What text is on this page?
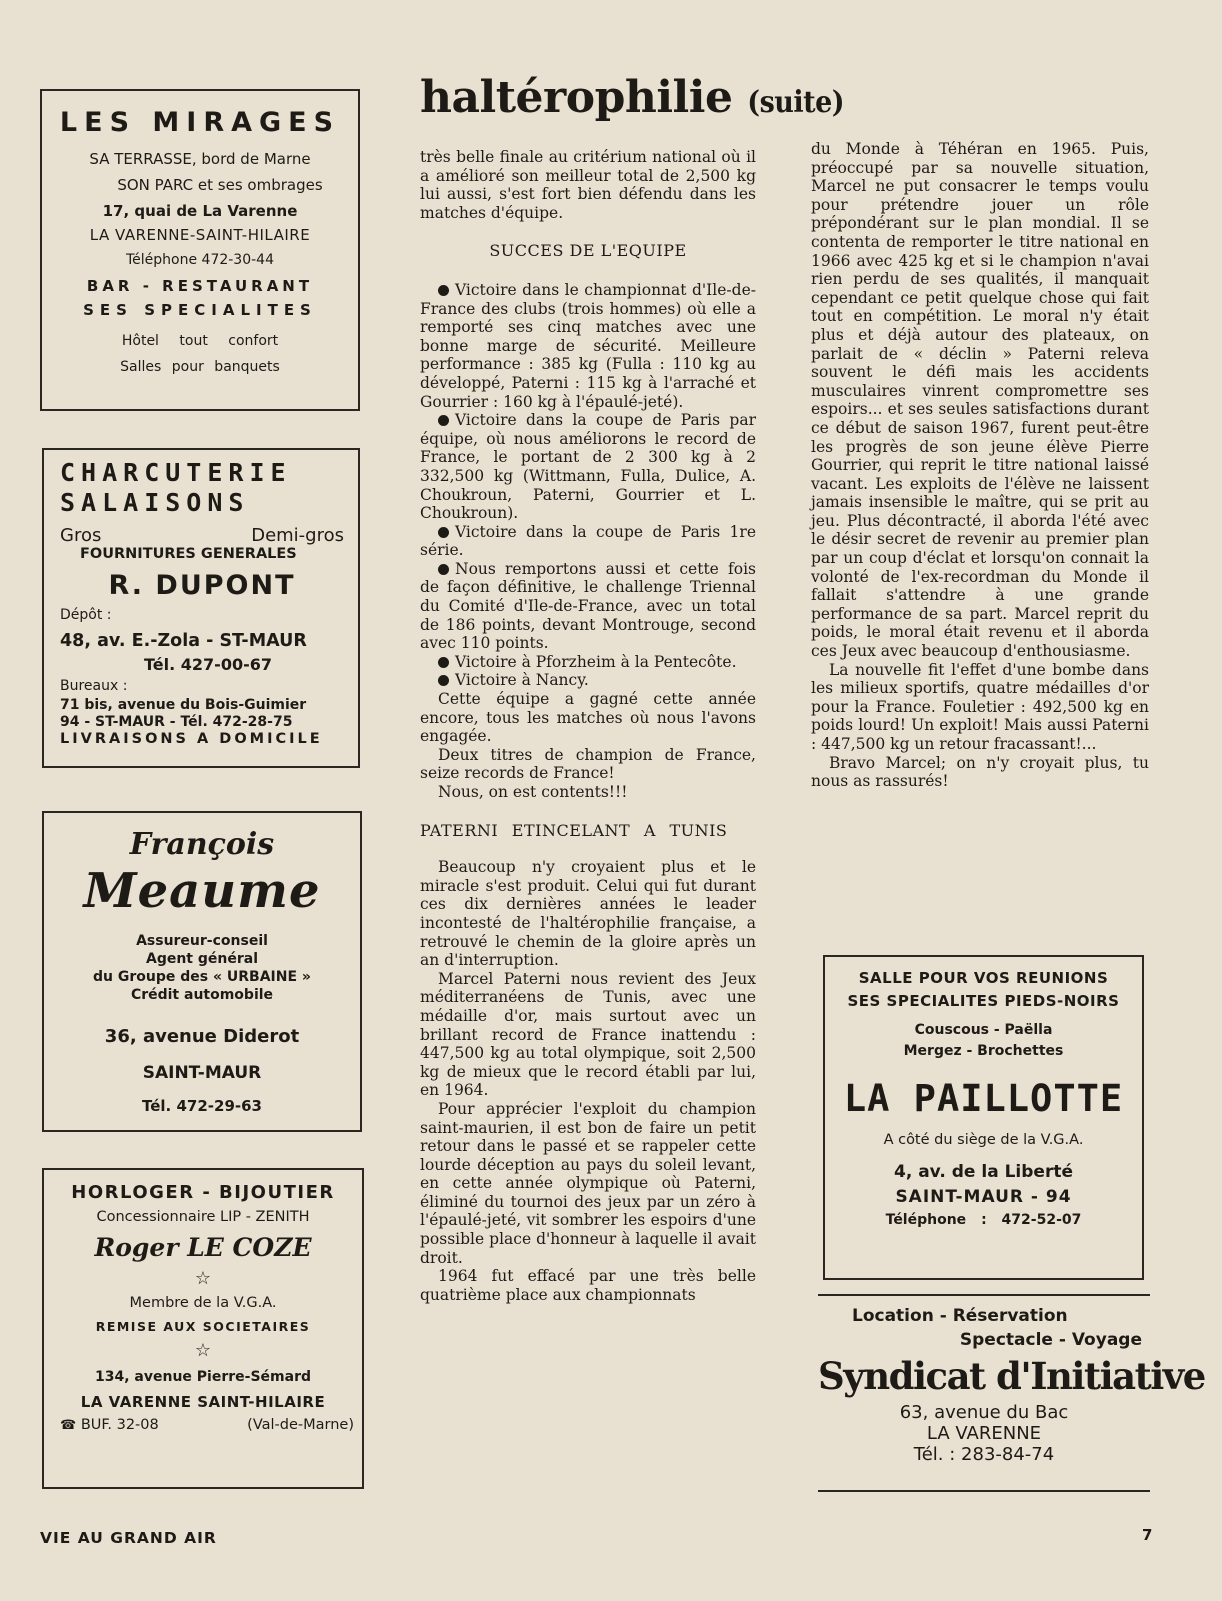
LES MIRAGES
SA TERRASSE, bord de Marne
SON PARC et ses ombrages
17, quai de La Varenne
LA VARENNE-SAINT-HILAIRE
Téléphone 472-30-44
BAR - RESTAURANT
SES SPECIALITES
Hôtel tout confort
Salles pour banquets
CHARCUTERIE
SALAISONS
Gros	Demi-gros
FOURNITURES GENERALES
R. DUPONT
Dépôt :
48, av. E.-Zola - ST-MAUR
Tél. 427-00-67
Bureaux :
71 bis, avenue du Bois-Guimier
94 - ST-MAUR - Tél. 472-28-75
LIVRAISONS A DOMICILE
François
Meaume
Assureur-conseil
Agent général
du Groupe des « URBAINE »
Crédit automobile
36, avenue Diderot
SAINT-MAUR
Tél. 472-29-63
HORLOGER - BIJOUTIER
Concessionnaire LIP - ZENITH
Roger LE COZE
☆
Membre de la V.G.A.
REMISE AUX SOCIETAIRES
☆
134, avenue Pierre-Sémard
LA VARENNE SAINT-HILAIRE
☎ BUF. 32-08	(Val-de-Marne)
haltérophilie (suite)

très belle finale au critérium national où il a amélioré son meilleur total de 2,500 kg lui aussi, s'est fort bien défendu dans les matches d'équipe.

SUCCES DE L'EQUIPE

Victoire dans le championnat d'Ile-de-France des clubs (trois hommes) où elle a remporté ses cinq matches avec une bonne marge de sécurité. Meilleure performance : 385 kg (Fulla : 110 kg au développé, Paterni : 115 kg à l'arraché et Gourrier : 160 kg à l'épaulé-jeté).

Victoire dans la coupe de Paris par équipe, où nous améliorons le record de France, le portant de 2 300 kg à 2 332,500 kg (Wittmann, Fulla, Dulice, A. Choukroun, Paterni, Gourrier et L. Choukroun).

Victoire dans la coupe de Paris 1re série.

Nous remportons aussi et cette fois de façon définitive, le challenge Triennal du Comité d'Ile-de-France, avec un total de 186 points, devant Montrouge, second avec 110 points.

Victoire à Pforzheim à la Pentecôte.

Victoire à Nancy.

Cette équipe a gagné cette année encore, tous les matches où nous l'avons engagée.

Deux titres de champion de France, seize records de France!

Nous, on est contents!!!

PATERNI ETINCELANT A TUNIS

Beaucoup n'y croyaient plus et le miracle s'est produit. Celui qui fut durant ces dix dernières années le leader incontesté de l'haltérophilie française, a retrouvé le chemin de la gloire après un an d'interruption.

Marcel Paterni nous revient des Jeux méditerranéens de Tunis, avec une médaille d'or, mais surtout avec un brillant record de France inattendu : 447,500 kg au total olympique, soit 2,500 kg de mieux que le record établi par lui, en 1964.

Pour apprécier l'exploit du champion saint-maurien, il est bon de faire un petit retour dans le passé et se rappeler cette lourde déception au pays du soleil levant, en cette année olympique où Paterni, éliminé du tournoi des jeux par un zéro à l'épaulé-jeté, vit sombrer les espoirs d'une possible place d'honneur à laquelle il avait droit.

1964 fut effacé par une très belle quatrième place aux championnats

du Monde à Téhéran en 1965. Puis, préoccupé par sa nouvelle situation, Marcel ne put consacrer le temps voulu pour prétendre jouer un rôle prépondérant sur le plan mondial. Il se contenta de remporter le titre national en 1966 avec 425 kg et si le champion n'avai rien perdu de ses qualités, il manquait cependant ce petit quelque chose qui fait tout en compétition. Le moral n'y était plus et déjà autour des plateaux, on parlait de « déclin » Paterni releva souvent le défi mais les accidents musculaires vinrent compromettre ses espoirs... et ses seules satisfactions durant ce début de saison 1967, furent peut-être les progrès de son jeune élève Pierre Gourrier, qui reprit le titre national laissé vacant. Les exploits de l'élève ne laissent jamais insensible le maître, qui se prit au jeu. Plus décontracté, il aborda l'été avec le désir secret de revenir au premier plan par un coup d'éclat et lorsqu'on connait la volonté de l'ex-recordman du Monde il fallait s'attendre à une grande performance de sa part. Marcel reprit du poids, le moral était revenu et il aborda ces Jeux avec beaucoup d'enthousiasme.

La nouvelle fit l'effet d'une bombe dans les milieux sportifs, quatre médailles d'or pour la France. Fouletier : 492,500 kg en poids lourd! Un exploit! Mais aussi Paterni : 447,500 kg un retour fracassant!...

Bravo Marcel; on n'y croyait plus, tu nous as rassurés!

SALLE POUR VOS REUNIONS
SES SPECIALITES PIEDS-NOIRS
Couscous - Paëlla
Mergez - Brochettes
LA PAILLOTTE
A côté du siège de la V.G.A.
4, av. de la Liberté
SAINT-MAUR - 94
Téléphone : 472-52-07
Location - Réservation
Spectacle - Voyage
Syndicat d'Initiative
63, avenue du Bac
LA VARENNE
Tél. : 283-84-74
VIE AU GRAND AIR	7
